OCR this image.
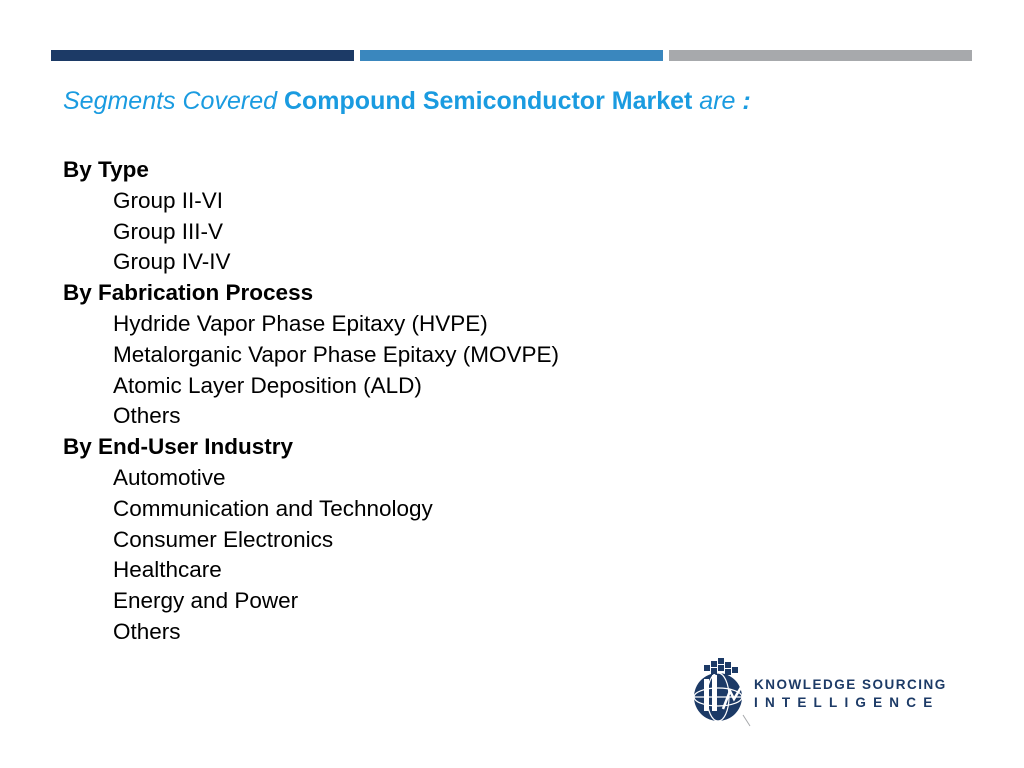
Segments Covered Compound Semiconductor Market are :
By Type
Group II-VI
Group III-V
Group IV-IV
By Fabrication Process
Hydride Vapor Phase Epitaxy (HVPE)
Metalorganic Vapor Phase Epitaxy (MOVPE)
Atomic Layer Deposition (ALD)
Others
By End-User Industry
Automotive
Communication and Technology
Consumer Electronics
Healthcare
Energy and Power
Others
KNOWLEDGE SOURCING
INTELLIGENCE
